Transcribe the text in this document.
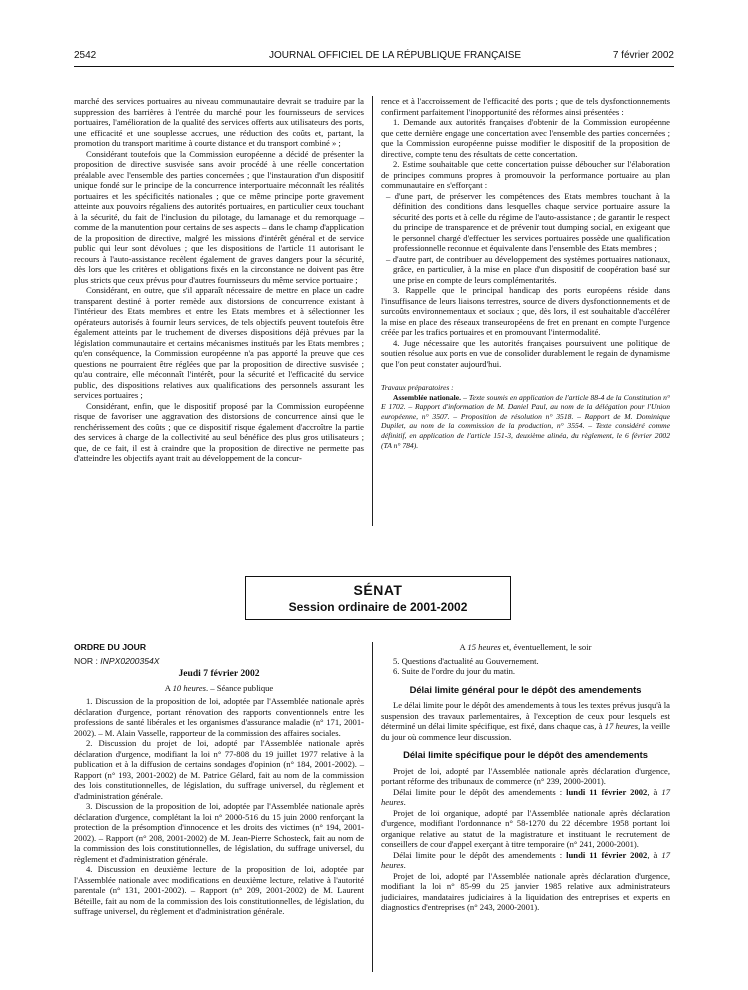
2542	JOURNAL OFFICIEL DE LA RÉPUBLIQUE FRANÇAISE	7 février 2002

marché des services portuaires au niveau communautaire devrait se traduire par la suppression des barrières à l'entrée du marché pour les fournisseurs de services portuaires, l'amélioration de la qualité des services offerts aux utilisateurs des ports, une efficacité et une souplesse accrues, une réduction des coûts et, partant, la promotion du transport maritime à courte distance et du transport combiné » ;

Considérant toutefois que la Commission européenne a décidé de présenter la proposition de directive susvisée sans avoir procédé à une réelle concertation préalable avec l'ensemble des parties concernées ; que l'instauration d'un dispositif unique fondé sur le principe de la concurrence interportuaire méconnaît les réalités portuaires et les spécificités nationales ; que ce même principe porte gravement atteinte aux pouvoirs régaliens des autorités portuaires, en particulier ceux touchant à la sécurité, du fait de l'inclusion du pilotage, du lamanage et du remorquage – comme de la manutention pour certains de ses aspects – dans le champ d'application de la proposition de directive, malgré les missions d'intérêt général et de service public qui leur sont dévolues ; que les dispositions de l'article 11 autorisant le recours à l'auto-assistance recèlent également de graves dangers pour la sécurité, dès lors que les critères et obligations fixés en la circonstance ne doivent pas être plus stricts que ceux prévus pour d'autres fournisseurs du même service portuaire ;

Considérant, en outre, que s'il apparaît nécessaire de mettre en place un cadre transparent destiné à porter remède aux distorsions de concurrence existant à l'intérieur des Etats membres et entre les Etats membres et à sélectionner les opérateurs autorisés à fournir leurs services, de tels objectifs peuvent toutefois être également atteints par le truchement de diverses dispositions déjà prévues par la législation communautaire et certains mécanismes institués par les Etats membres ; qu'en conséquence, la Commission européenne n'a pas apporté la preuve que ces questions ne pourraient être réglées que par la proposition de directive susvisée ; qu'au contraire, elle méconnaît l'intérêt, pour la sécurité et l'efficacité du service public, des dispositions relatives aux qualifications des personnels assurant les services portuaires ;

Considérant, enfin, que le dispositif proposé par la Commission européenne risque de favoriser une aggravation des distorsions de concurrence ainsi que le renchérissement des coûts ; que ce dispositif risque également d'accroître la partie des services à charge de la collectivité au seul bénéfice des plus gros utilisateurs ; que, de ce fait, il est à craindre que la proposition de directive ne permette pas d'atteindre les objectifs ayant trait au développement de la concur-

rence et à l'accroissement de l'efficacité des ports ; que de tels dysfonctionnements confirment parfaitement l'inopportunité des réformes ainsi présentées :

1. Demande aux autorités françaises d'obtenir de la Commission européenne que cette dernière engage une concertation avec l'ensemble des parties concernées ; que la Commission européenne puisse modifier le dispositif de la proposition de directive, compte tenu des résultats de cette concertation.

2. Estime souhaitable que cette concertation puisse déboucher sur l'élaboration de principes communs propres à promouvoir la performance portuaire au plan communautaire en s'efforçant :

– d'une part, de préserver les compétences des Etats membres touchant à la définition des conditions dans lesquelles chaque service portuaire assure la sécurité des ports et à celle du régime de l'auto-assistance ; de garantir le respect du principe de transparence et de prévenir tout dumping social, en exigeant que le personnel chargé d'effectuer les services portuaires possède une qualification professionnelle reconnue et équivalente dans l'ensemble des Etats membres ;

– d'autre part, de contribuer au développement des systèmes portuaires nationaux, grâce, en particulier, à la mise en place d'un dispositif de coopération basé sur une prise en compte de leurs complémentarités.

3. Rappelle que le principal handicap des ports européens réside dans l'insuffisance de leurs liaisons terrestres, source de divers dysfonctionnements et de surcoûts environnementaux et sociaux ; que, dès lors, il est souhaitable d'accélérer la mise en place des réseaux transeuropéens de fret en prenant en compte l'urgence créée par les trafics portuaires et en promouvant l'intermodalité.

4. Juge nécessaire que les autorités françaises poursuivent une politique de soutien résolue aux ports en vue de consolider durablement le regain de dynamisme que l'on peut constater aujourd'hui.

Travaux préparatoires :

Assemblée nationale. – Texte soumis en application de l'article 88-4 de la Constitution n° E 1702. – Rapport d'information de M. Daniel Paul, au nom de la délégation pour l'Union européenne, n° 3507. – Proposition de résolution n° 3518. – Rapport de M. Dominique Dupilet, au nom de la commission de la production, n° 3554. – Texte considéré comme définitif, en application de l'article 151-3, deuxième alinéa, du règlement, le 6 février 2002 (TA n° 784).

SÉNAT
Session ordinaire de 2001-2002

ORDRE DU JOUR

NOR : INPX0200354X

Jeudi 7 février 2002

A 10 heures. – Séance publique

1. Discussion de la proposition de loi, adoptée par l'Assemblée nationale après déclaration d'urgence, portant rénovation des rapports conventionnels entre les professions de santé libérales et les organismes d'assurance maladie (n° 171, 2001-2002). – M. Alain Vasselle, rapporteur de la commission des affaires sociales.

2. Discussion du projet de loi, adopté par l'Assemblée nationale après déclaration d'urgence, modifiant la loi n° 77-808 du 19 juillet 1977 relative à la publication et à la diffusion de certains sondages d'opinion (n° 184, 2001-2002). – Rapport (n° 193, 2001-2002) de M. Patrice Gélard, fait au nom de la commission des lois constitutionnelles, de législation, du suffrage universel, du règlement et d'administration générale.

3. Discussion de la proposition de loi, adoptée par l'Assemblée nationale après déclaration d'urgence, complétant la loi n° 2000-516 du 15 juin 2000 renforçant la protection de la présomption d'innocence et les droits des victimes (n° 194, 2001-2002). – Rapport (n° 208, 2001-2002) de M. Jean-Pierre Schosteck, fait au nom de la commission des lois constitutionnelles, de législation, du suffrage universel, du règlement et d'administration générale.

4. Discussion en deuxième lecture de la proposition de loi, adoptée par l'Assemblée nationale avec modifications en deuxième lecture, relative à l'autorité parentale (n° 131, 2001-2002). – Rapport (n° 209, 2001-2002) de M. Laurent Béteille, fait au nom de la commission des lois constitutionnelles, de législation, du suffrage universel, du règlement et d'administration générale.

A 15 heures et, éventuellement, le soir

5. Questions d'actualité au Gouvernement.

6. Suite de l'ordre du jour du matin.

Délai limite général pour le dépôt des amendements

Le délai limite pour le dépôt des amendements à tous les textes prévus jusqu'à la suspension des travaux parlementaires, à l'exception de ceux pour lesquels est déterminé un délai limite spécifique, est fixé, dans chaque cas, à 17 heures, la veille du jour où commence leur discussion.

Délai limite spécifique pour le dépôt des amendements

Projet de loi, adopté par l'Assemblée nationale après déclaration d'urgence, portant réforme des tribunaux de commerce (n° 239, 2000-2001).

Délai limite pour le dépôt des amendements : lundi 11 février 2002, à 17 heures.

Projet de loi organique, adopté par l'Assemblée nationale après déclaration d'urgence, modifiant l'ordonnance n° 58-1270 du 22 décembre 1958 portant loi organique relative au statut de la magistrature et instituant le recrutement de conseillers de cour d'appel exerçant à titre temporaire (n° 241, 2000-2001).

Délai limite pour le dépôt des amendements : lundi 11 février 2002, à 17 heures.

Projet de loi, adopté par l'Assemblée nationale après déclaration d'urgence, modifiant la loi n° 85-99 du 25 janvier 1985 relative aux administrateurs judiciaires, mandataires judiciaires à la liquidation des entreprises et experts en diagnostics d'entreprises (n° 243, 2000-2001).
